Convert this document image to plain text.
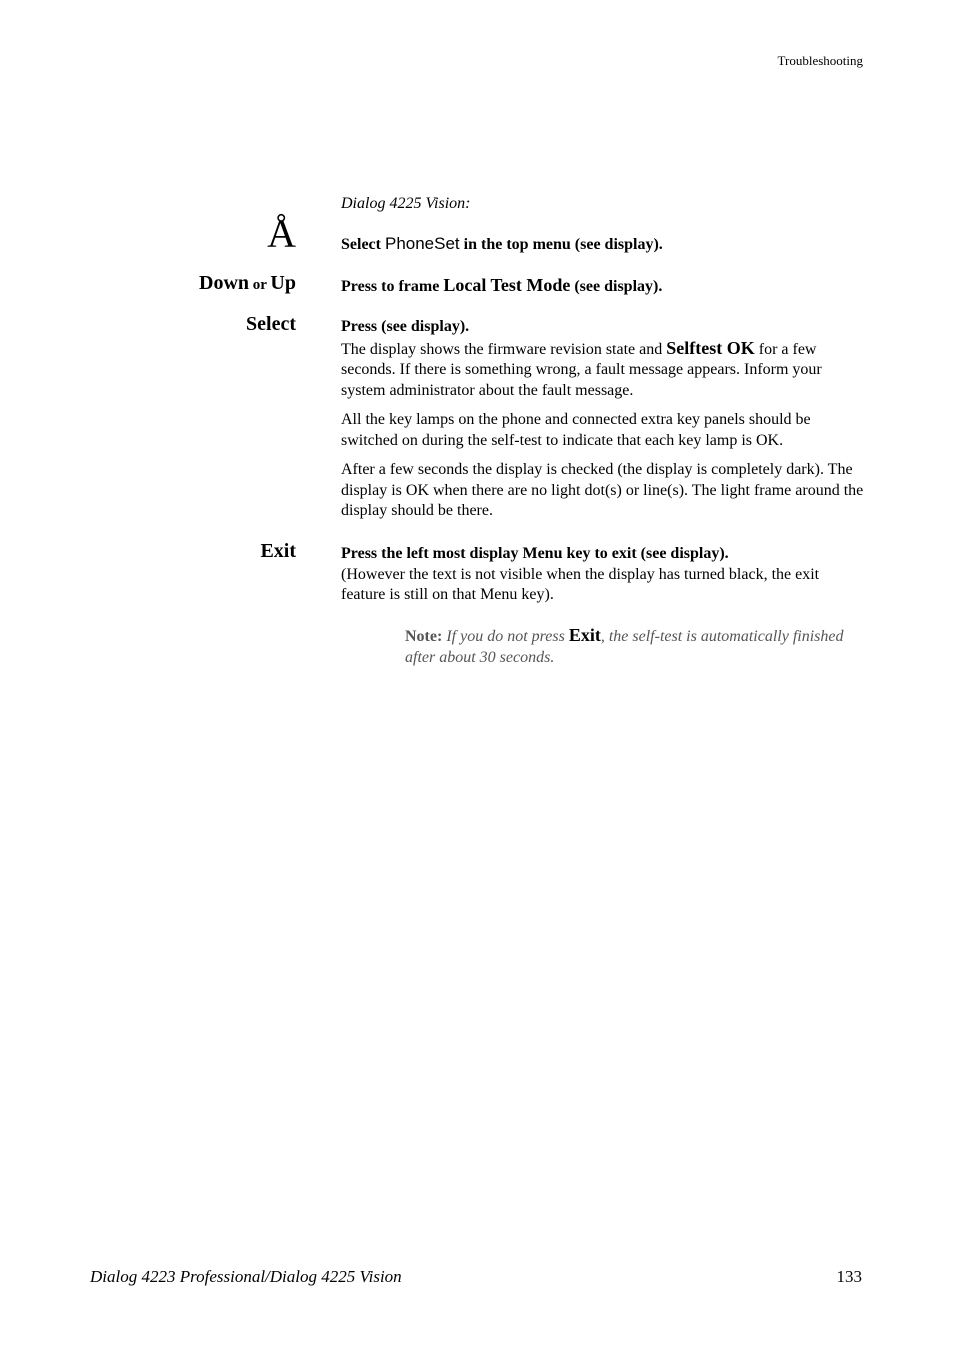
Troubleshooting
Dialog 4225 Vision:
Å	Select PhoneSet in the top menu (see display).
Down or Up	Press to frame Local Test Mode (see display).
Select	Press (see display).
The display shows the firmware revision state and Selftest OK for a few seconds. If there is something wrong, a fault message appears. Inform your system administrator about the fault message.

All the key lamps on the phone and connected extra key panels should be switched on during the self-test to indicate that each key lamp is OK.

After a few seconds the display is checked (the display is completely dark). The display is OK when there are no light dot(s) or line(s). The light frame around the display should be there.

Exit	Press the left most display Menu key to exit (see display).
(However the text is not visible when the display has turned black, the exit feature is still on that Menu key).
Note: If you do not press Exit, the self-test is automatically finished after about 30 seconds.
Dialog 4223 Professional/Dialog 4225 Vision	133
